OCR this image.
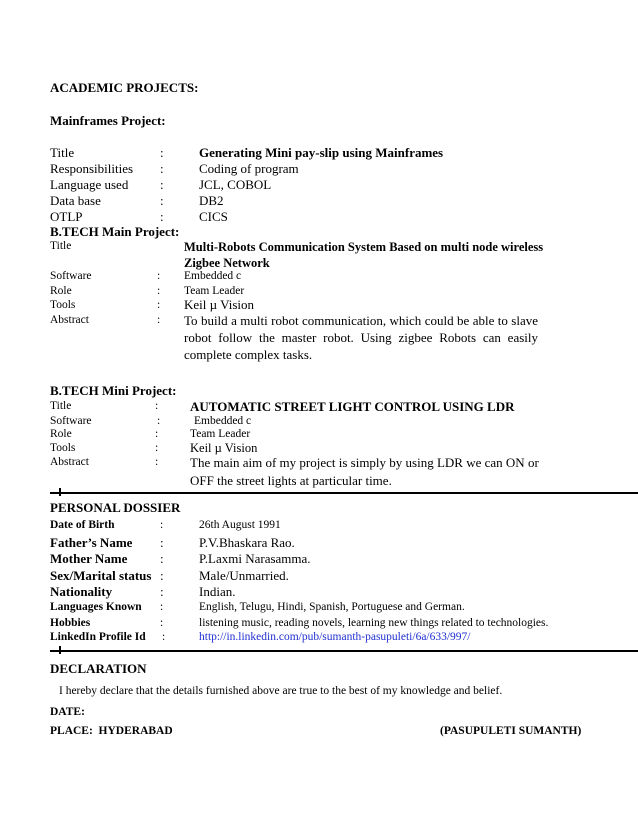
ACADEMIC PROJECTS:
Mainframes Project:
Title	:	Generating Mini pay-slip using Mainframes
Responsibilities :	Coding of program
Language used :	JCL, COBOL
Data base	:	DB2
OTLP	:	CICS
B.TECH Main Project:
Title	Multi-Robots Communication System Based on multi node wireless
Zigbee Network
Software	: Embedded c
Role	: Team Leader
Tools	: Keil µ Vision
Abstract	: To build a multi robot communication, which could be able to slave robot follow the master robot. Using zigbee Robots can easily complete complex tasks.
B.TECH Mini Project:
Title	: AUTOMATIC STREET LIGHT CONTROL USING LDR
Software	:	Embedded c
Role	:	Team Leader
Tools	:	Keil µ Vision
Abstract	: The main aim of my project is simply by using LDR we can ON or
OFF the street lights at particular time.
PERSONAL DOSSIER
Date of Birth	:	26th August 1991
Father’s Name :	P.V.Bhaskara Rao.
Mother Name	:	P.Laxmi Narasamma.
Sex/Marital status :	Male/Unmarried.
Nationality	:	Indian.
Languages Known :	English, Telugu, Hindi, Spanish, Portuguese and German.
Hobbies	:	listening music, reading novels, learning new things related to technologies.
LinkedIn Profile Id :	http://in.linkedin.com/pub/sumanth-pasupuleti/6a/633/997/
DECLARATION
I hereby declare that the details furnished above are true to the best of my knowledge and belief.
DATE:
PLACE:  HYDERABAD	(PASUPULETI SUMANTH)
